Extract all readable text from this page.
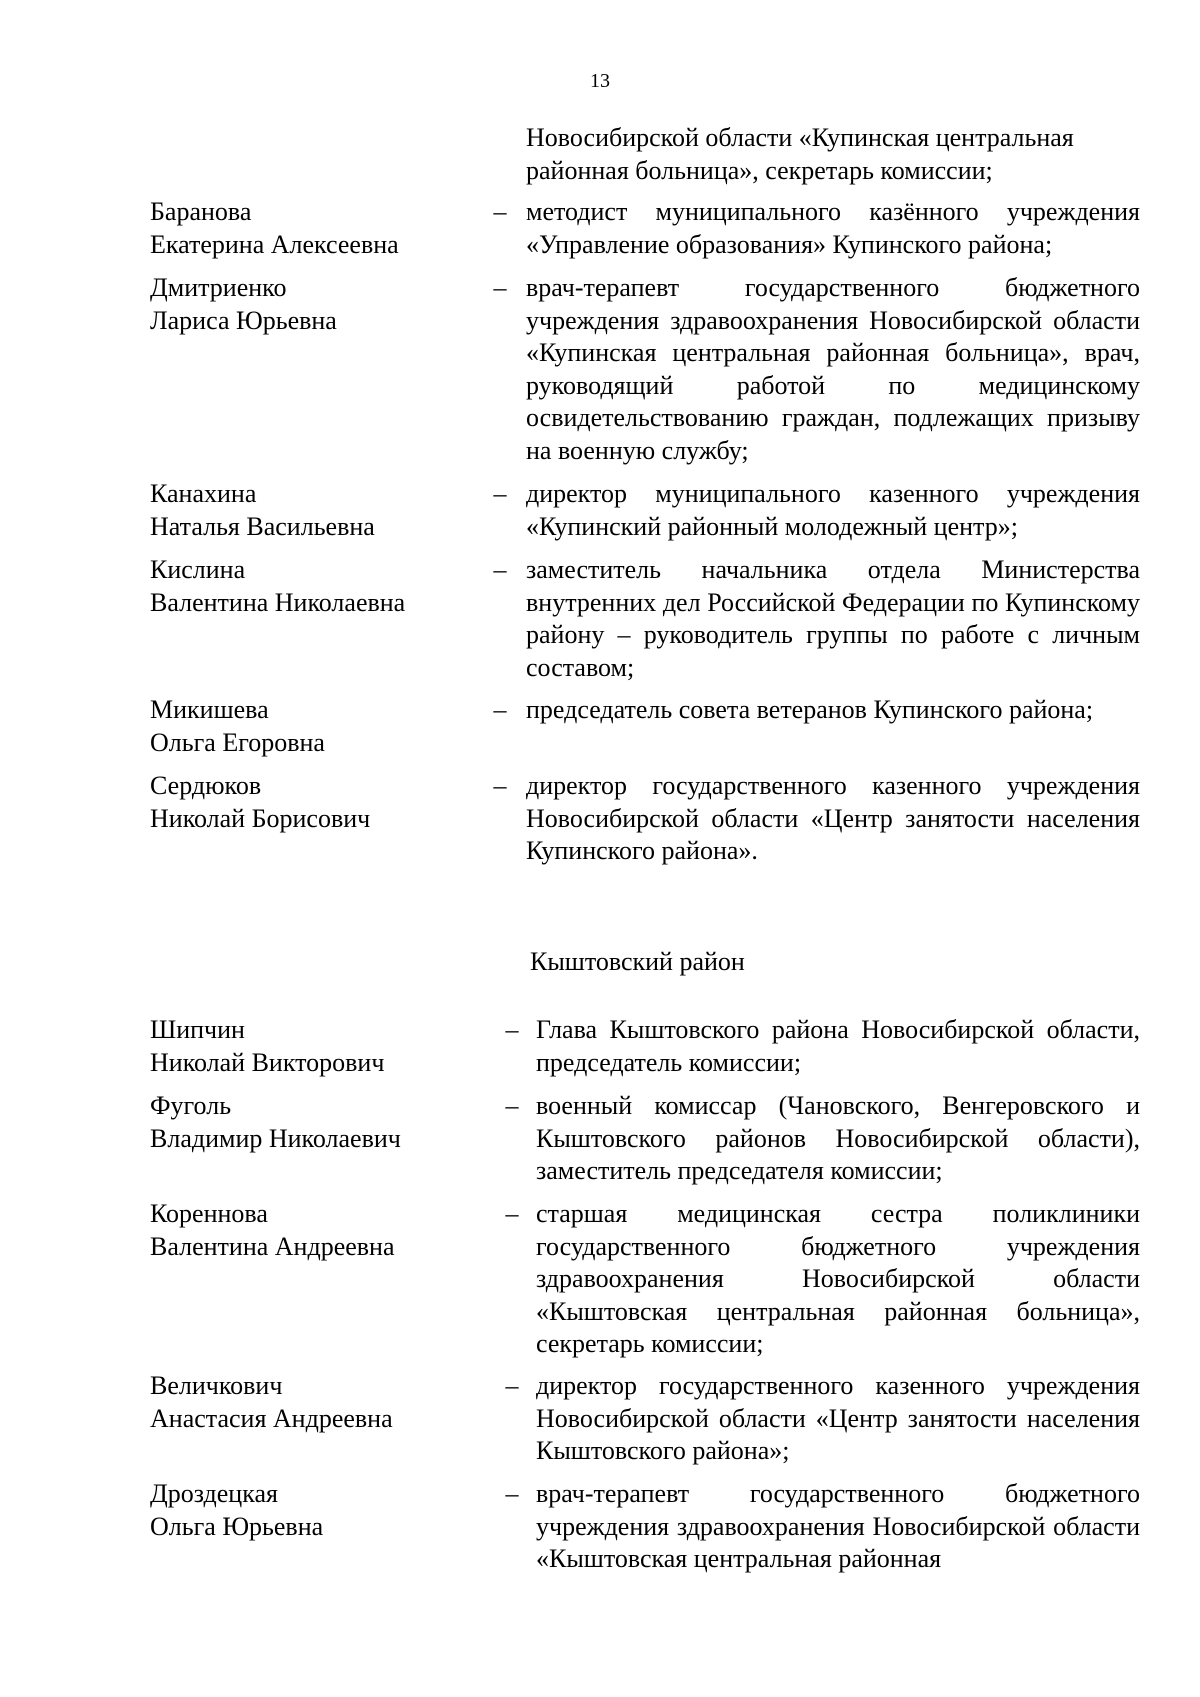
13
Новосибирской области «Купинская центральная районная больница», секретарь комиссии;
Баранова
Екатерина Алексеевна
– методист муниципального казённого учреждения «Управление образования» Купинского района;
Дмитриенко
Лариса Юрьевна
– врач-терапевт государственного бюджетного учреждения здравоохранения Новосибирской области «Купинская центральная районная больница», врач, руководящий работой по медицинскому освидетельствованию граждан, подлежащих призыву на военную службу;
Канахина
Наталья Васильевна
– директор муниципального казенного учреждения «Купинский районный молодежный центр»;
Кислина
Валентина Николаевна
– заместитель начальника отдела Министерства внутренних дел Российской Федерации по Купинскому району – руководитель группы по работе с личным составом;
Микишева
Ольга Егоровна
– председатель совета ветеранов Купинского района;
Сердюков
Николай Борисович
– директор государственного казенного учреждения Новосибирской области «Центр занятости населения Купинского района».
Кыштовский район
Шипчин
Николай Викторович
– Глава Кыштовского района Новосибирской области, председатель комиссии;
Фуголь
Владимир Николаевич
– военный комиссар (Чановского, Венгеровского и Кыштовского районов Новосибирской области), заместитель председателя комиссии;
Кореннова
Валентина Андреевна
– старшая медицинская сестра поликлиники государственного бюджетного учреждения здравоохранения Новосибирской области «Кыштовская центральная районная больница», секретарь комиссии;
Величкович
Анастасия Андреевна
– директор государственного казенного учреждения Новосибирской области «Центр занятости населения Кыштовского района»;
Дроздецкая
Ольга Юрьевна
– врач-терапевт государственного бюджетного учреждения здравоохранения Новосибирской области «Кыштовская центральная районная
